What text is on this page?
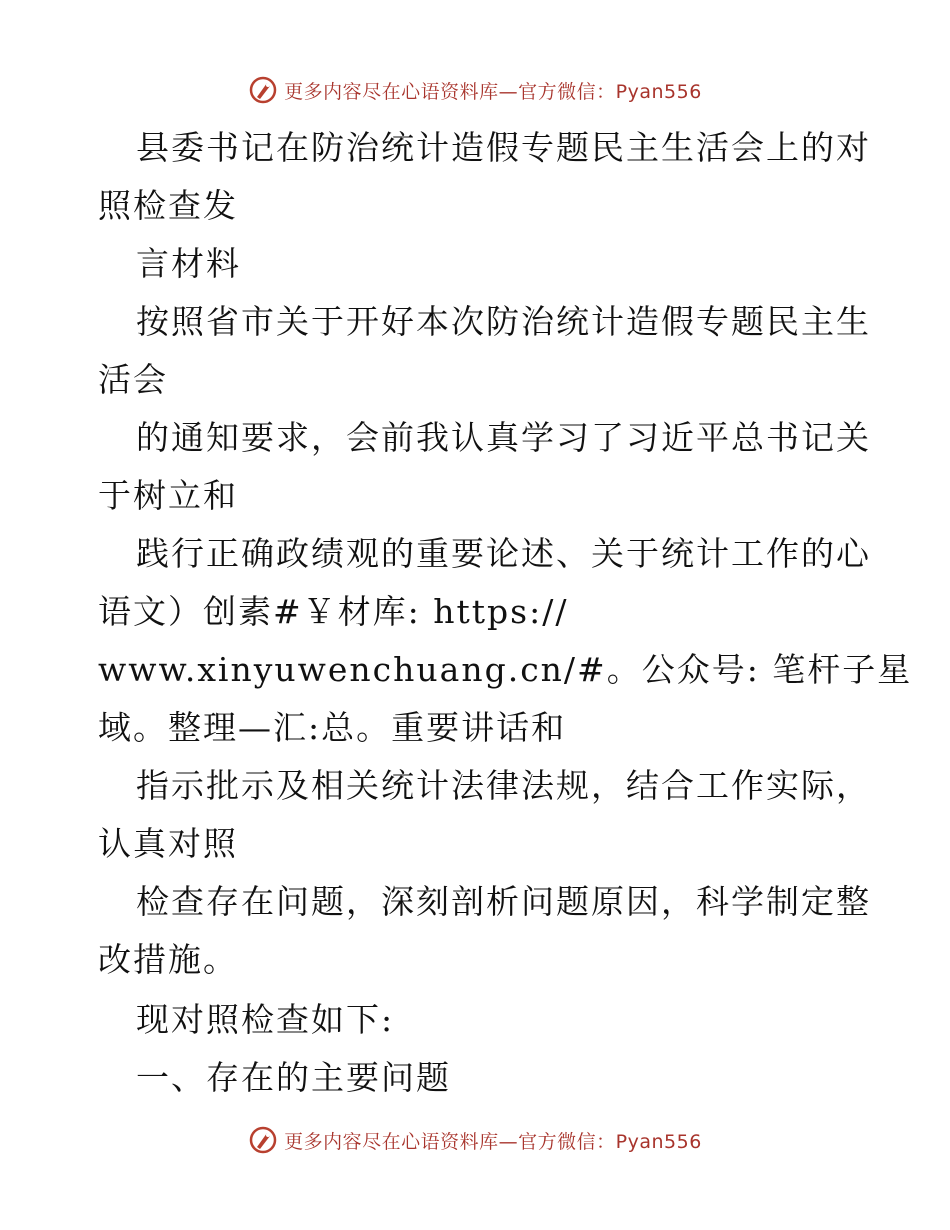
更多内容尽在心语资料库—官方微信：Pyan556
县委书记在防治统计造假专题民主生活会上的对
照检查发
言材料
按照省市关于开好本次防治统计造假专题民主生
活会
的通知要求，会前我认真学习了习近平总书记关
于树立和
践行正确政绩观的重要论述、关于统计工作的心
语文）创素#￥材库: https://
www.xinyuwenchuang.cn/#。公众号: 笔杆子星
域。整理—汇:总。重要讲话和
指示批示及相关统计法律法规，结合工作实际，
认真对照
检查存在问题，深刻剖析问题原因，科学制定整
改措施。
现对照检查如下:
一、存在的主要问题
更多内容尽在心语资料库—官方微信：Pyan556
